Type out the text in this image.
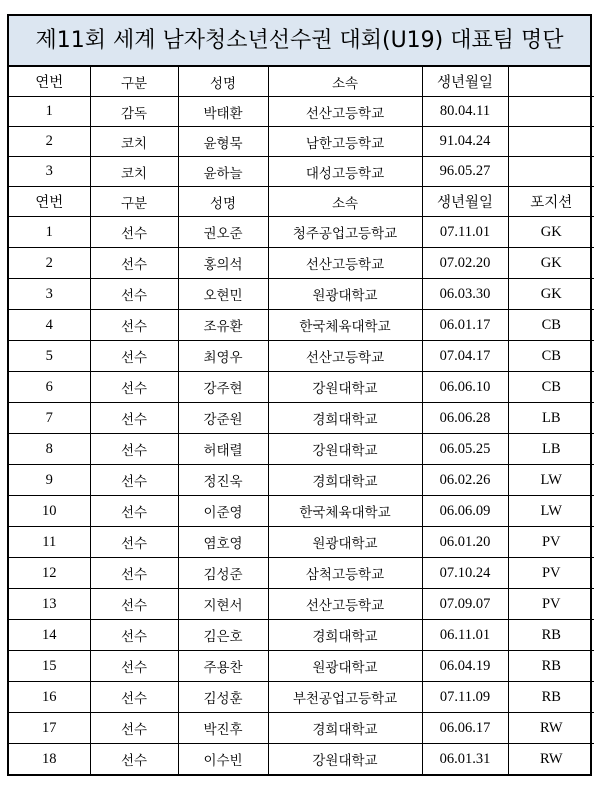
제11회 세계 남자청소년선수권 대회(U19) 대표팀 명단
연번	구분	성명	소속	생년월일	
1	감독	박태환	선산고등학교	80.04.11	
2	코치	윤형묵	남한고등학교	91.04.24	
3	코치	윤하늘	대성고등학교	96.05.27	
연번	구분	성명	소속	생년월일	포지션
1	선수	권오준	청주공업고등학교	07.11.01	GK
2	선수	홍의석	선산고등학교	07.02.20	GK
3	선수	오현민	원광대학교	06.03.30	GK
4	선수	조유환	한국체육대학교	06.01.17	CB
5	선수	최영우	선산고등학교	07.04.17	CB
6	선수	강주현	강원대학교	06.06.10	CB
7	선수	강준원	경희대학교	06.06.28	LB
8	선수	허태렬	강원대학교	06.05.25	LB
9	선수	정진욱	경희대학교	06.02.26	LW
10	선수	이준영	한국체육대학교	06.06.09	LW
11	선수	염호영	원광대학교	06.01.20	PV
12	선수	김성준	삼척고등학교	07.10.24	PV
13	선수	지현서	선산고등학교	07.09.07	PV
14	선수	김은호	경희대학교	06.11.01	RB
15	선수	주용찬	원광대학교	06.04.19	RB
16	선수	김성훈	부천공업고등학교	07.11.09	RB
17	선수	박진후	경희대학교	06.06.17	RW
18	선수	이수빈	강원대학교	06.01.31	RW
